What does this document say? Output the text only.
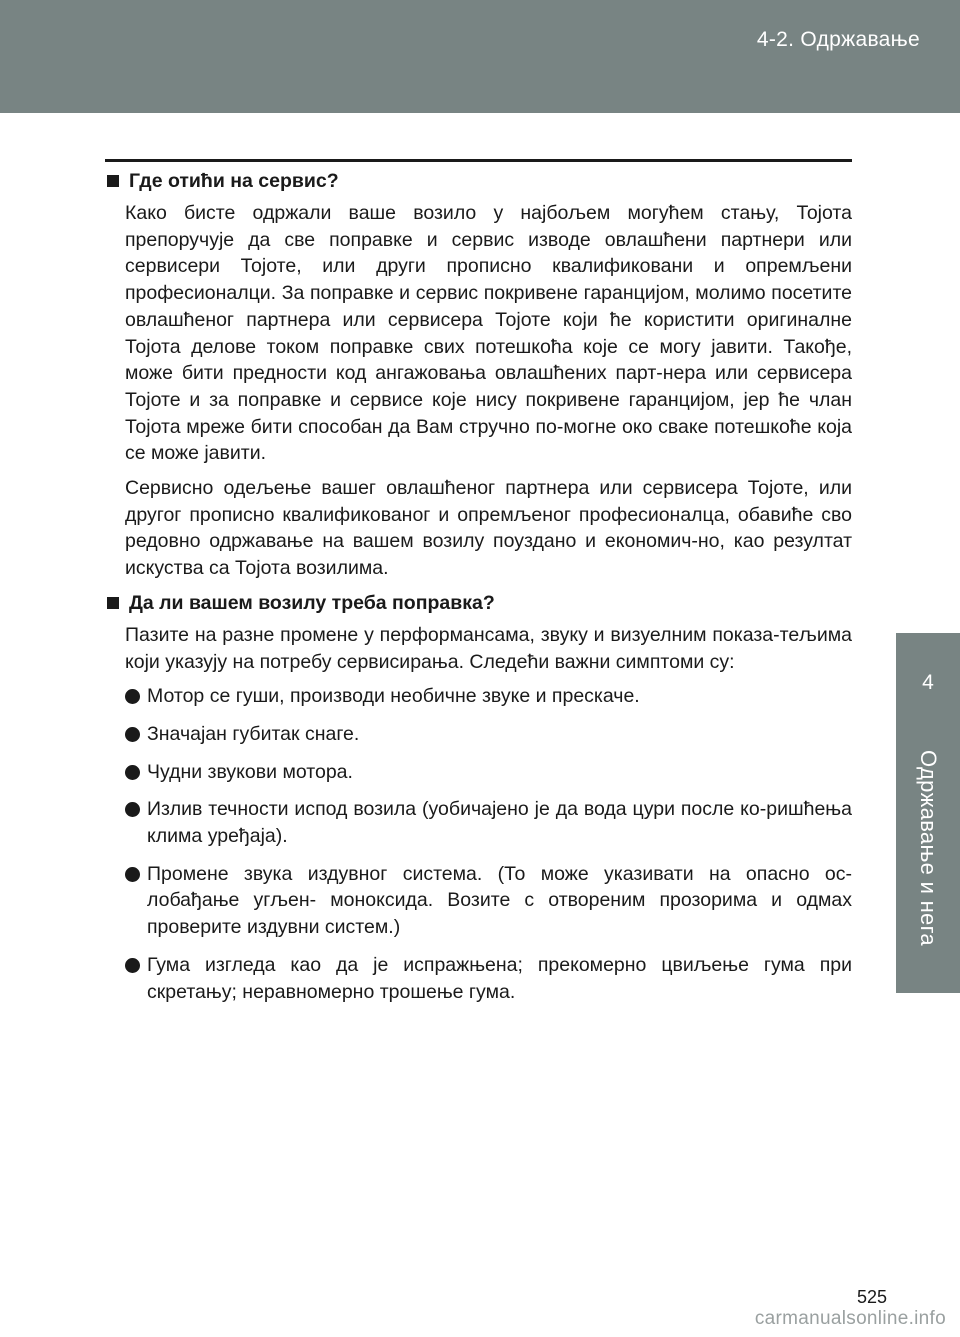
4-2. Одржавање
4
Одржавање и нега
Где отићи на сервис?

Како бисте одржали ваше возило у најбољем могућем стању, Тојота препоручује да све поправке и сервис изводе овлашћени партнери или сервисери Тојоте, или други прописно квалификовани и опремљени професионалци. За поправке и сервис покривене гаранцијом, молимо посетите овлашћеног партнера или сервисера Тојоте који ће користити оригиналне Тојота делове током поправке свих потешкоћа које се могу јавити. Такође, може бити предности код ангажовања овлашћених парт-нера или сервисера Тојоте и за поправке и сервисе које нису покривене гаранцијом, јер ће члан Тојота мреже бити способан да Вам стручно по-могне око сваке потешкоће која се може јавити.

Сервисно одељење вашег овлашћеног партнера или сервисера Тојоте, или другог прописно квалификованог и опремљеног професионалца, обавиће сво редовно одржавање на вашем возилу поуздано и економич-но, као резултат искуства са Тојота возилима.

Да ли вашем возилу треба поправка?

Пазите на разне промене у перформансама, звуку и визуелним показа-тељима који указују на потребу сервисирања. Следећи важни симптоми су:

Мотор се гуши, производи необичне звуке и прескаче.
Значајан губитак снаге.
Чудни звукови мотора.
Излив течности испод возила (уобичајено је да вода цури после ко-ришћења клима уређаја).
Промене звука издувног система. (То може указивати на опасно ос-лобађање угљен- моноксида. Возите с отвореним прозорима и одмах проверите издувни систем.)
Гума изгледа као да је испражњена; прекомерно цвиљење гума при скретању; неравномерно трошење гума.
525
carmanualsonline.info
